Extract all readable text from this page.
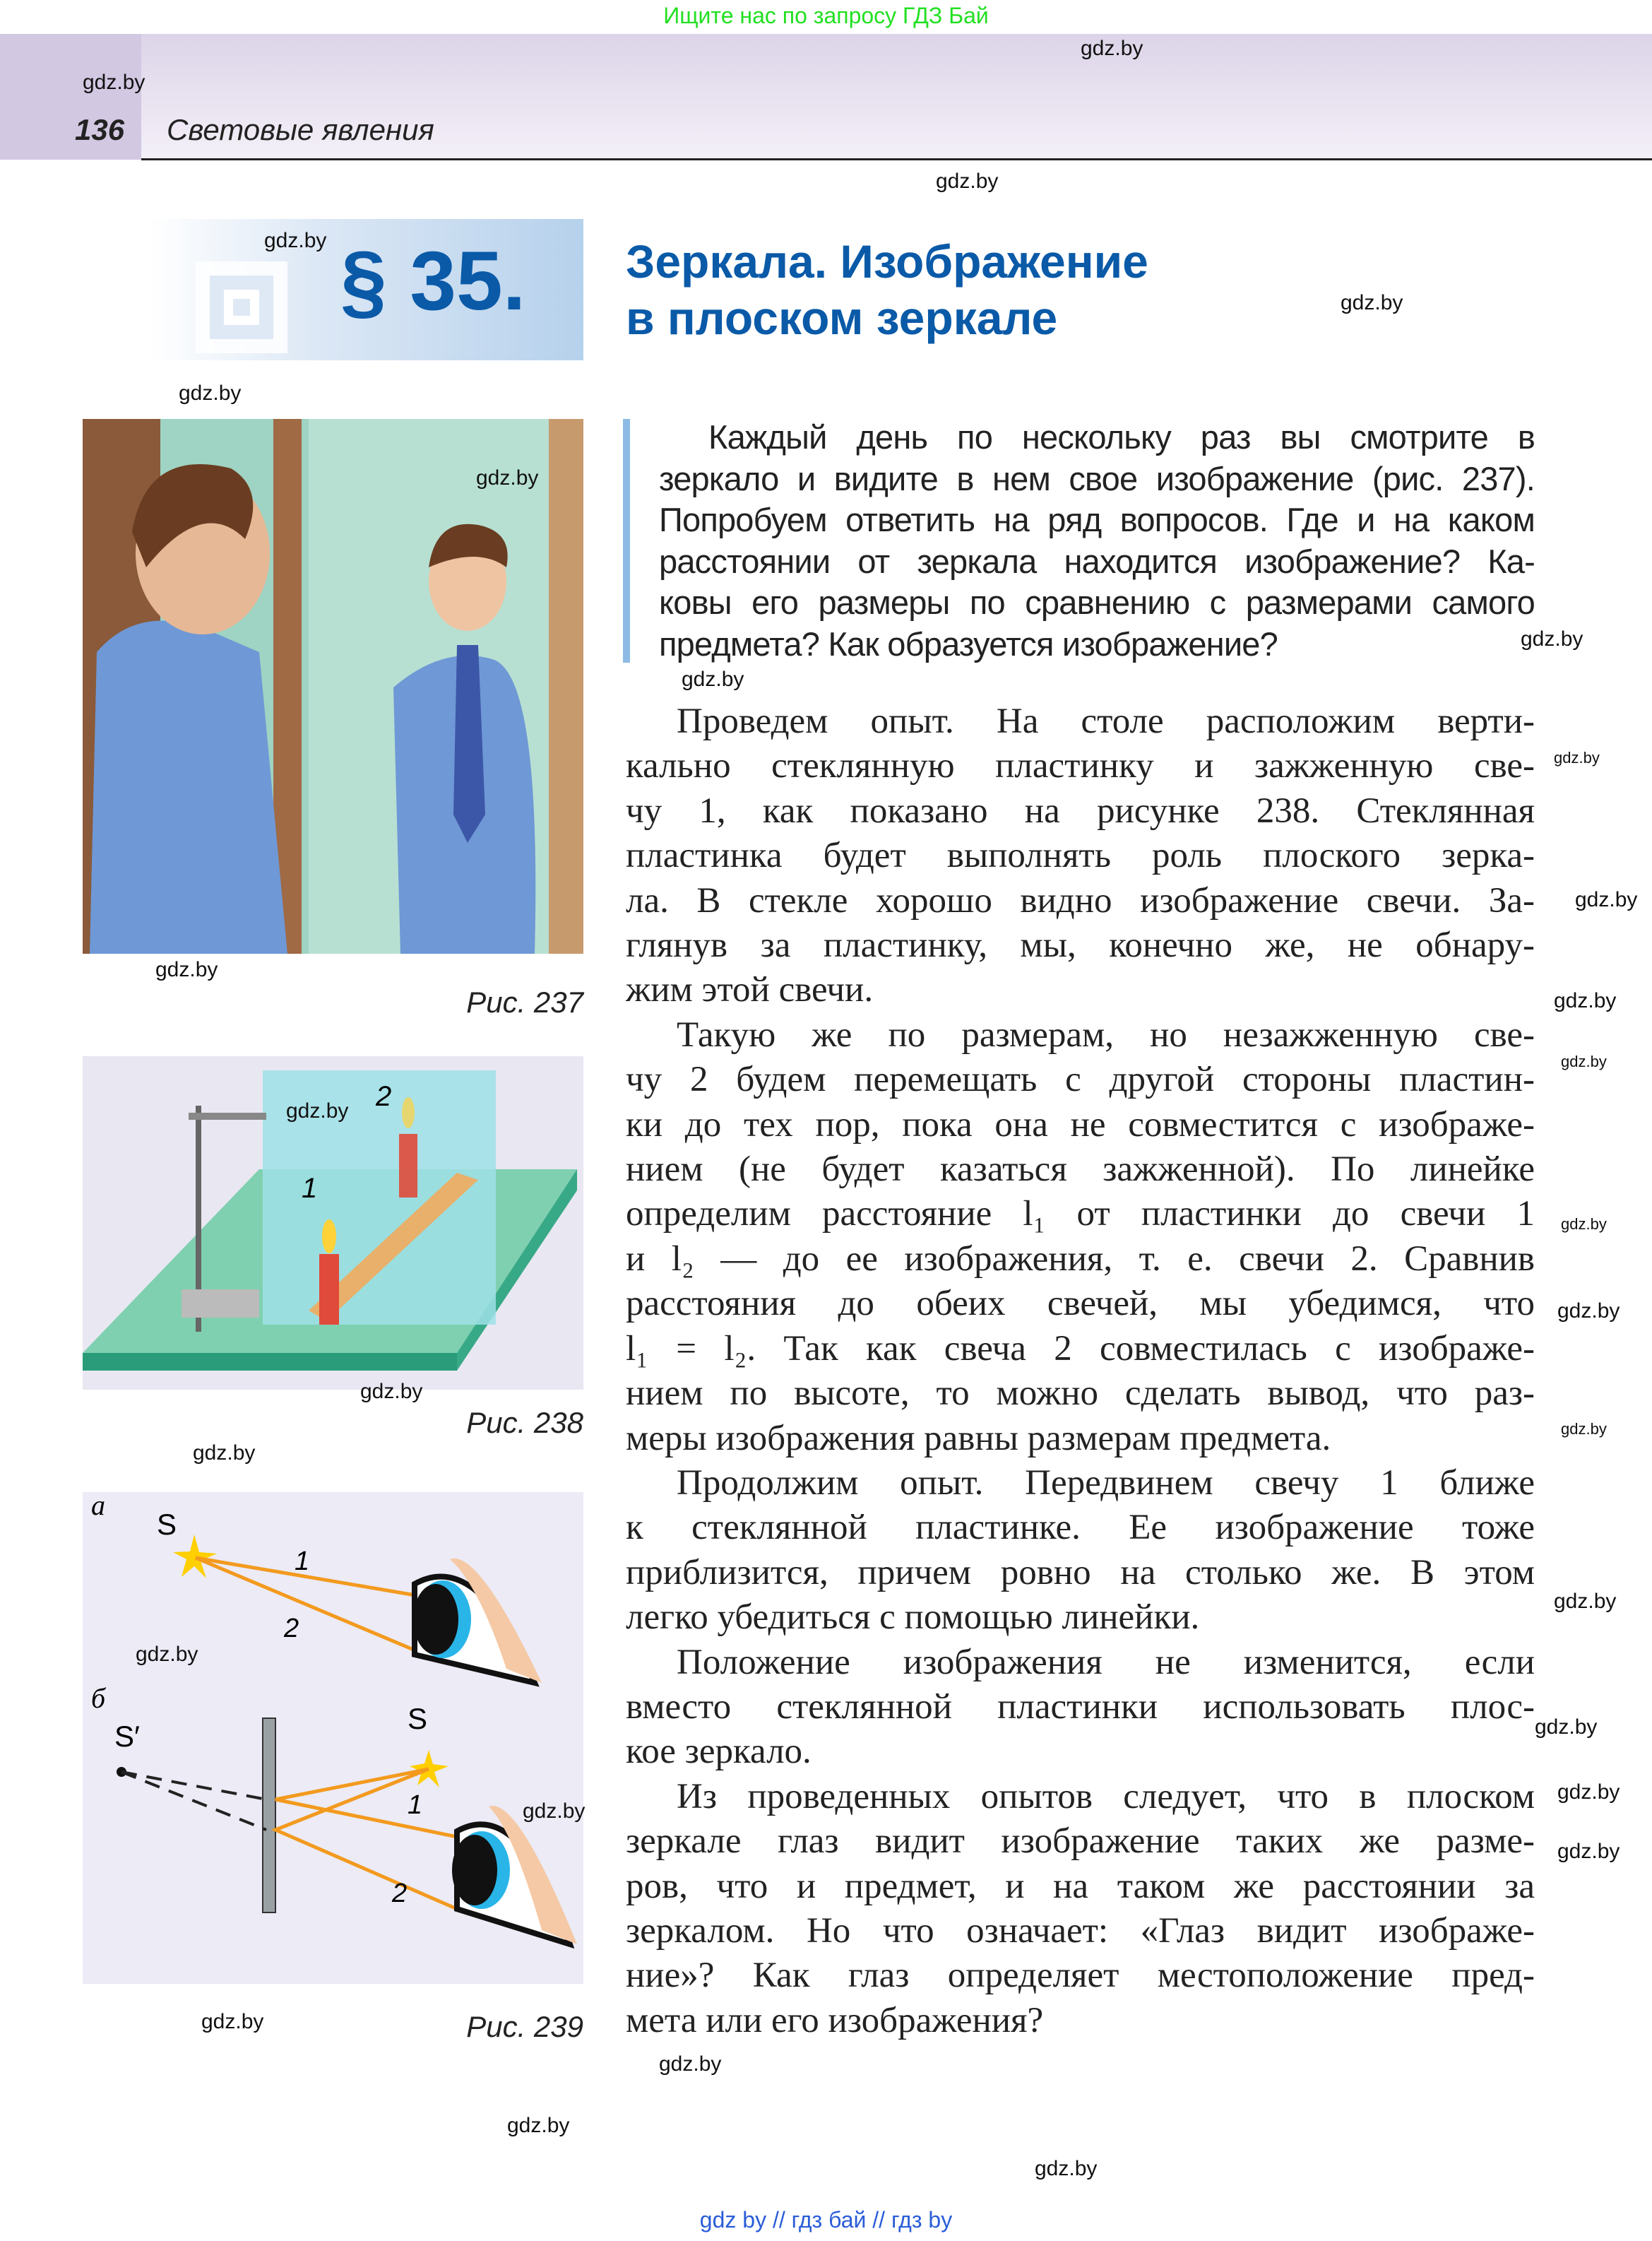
Ищите нас по запросу ГДЗ Бай
136 Световые явления
§ 35. Зеркала. Изображение
в плоском зеркале
Рис. 237
1
2
Рис. 238
а
S
1
2
б
S′
S
1
2
Рис. 239
Каждый день по нескольку раз вы смотрите в
зеркало и видите в нем свое изображение (рис. 237).
Попробуем ответить на ряд вопросов. Где и на каком
расстоянии от зеркала находится изображение? Ка-
ковы его размеры по сравнению с размерами самого
предмета? Как образуется изображение?
Проведем опыт. На столе расположим верти-
кально стеклянную пластинку и зажженную све-
чу 1, как показано на рисунке 238. Стеклянная
пластинка будет выполнять роль плоского зерка-
ла. В стекле хорошо видно изображение свечи. За-
глянув за пластинку, мы, конечно же, не обнару-
жим этой свечи.
Такую же по размерам, но незажженную све-
чу 2 будем перемещать с другой стороны пластин-
ки до тех пор, пока она не совместится с изображе-
нием (не будет казаться зажженной). По линейке
определим расстояние l₁ от пластинки до свечи 1
и l₂ — до ее изображения, т. е. свечи 2. Сравнив
расстояния до обеих свечей, мы убедимся, что
l₁ = l₂. Так как свеча 2 совместилась с изображе-
нием по высоте, то можно сделать вывод, что раз-
меры изображения равны размерам предмета.
Продолжим опыт. Передвинем свечу 1 ближе
к стеклянной пластинке. Ее изображение тоже
приблизится, причем ровно на столько же. В этом
легко убедиться с помощью линейки.
Положение изображения не изменится, если
вместо стеклянной пластинки использовать плос-
кое зеркало.
Из проведенных опытов следует, что в плоском
зеркале глаз видит изображение таких же разме-
ров, что и предмет, и на таком же расстоянии за
зеркалом. Но что означает: «Глаз видит изображе-
ние»? Как глаз определяет местоположение пред-
мета или его изображения?
gdz.by
gdz.by
gdz.by
gdz.by
gdz.by
gdz.by
gdz.by
gdz.by
gdz.by
gdz.by
gdz.by
gdz.by
gdz.by
gdz.by
gdz.by
gdz.by
gdz.by
gdz.by
gdz.by
gdz.by
gdz.by
gdz.by
gdz.by
gdz.by
gdz.by
gdz.by
gdz.by
gdz.by
gdz.by
gdz.by
gdz by // гдз бай // гдз by
